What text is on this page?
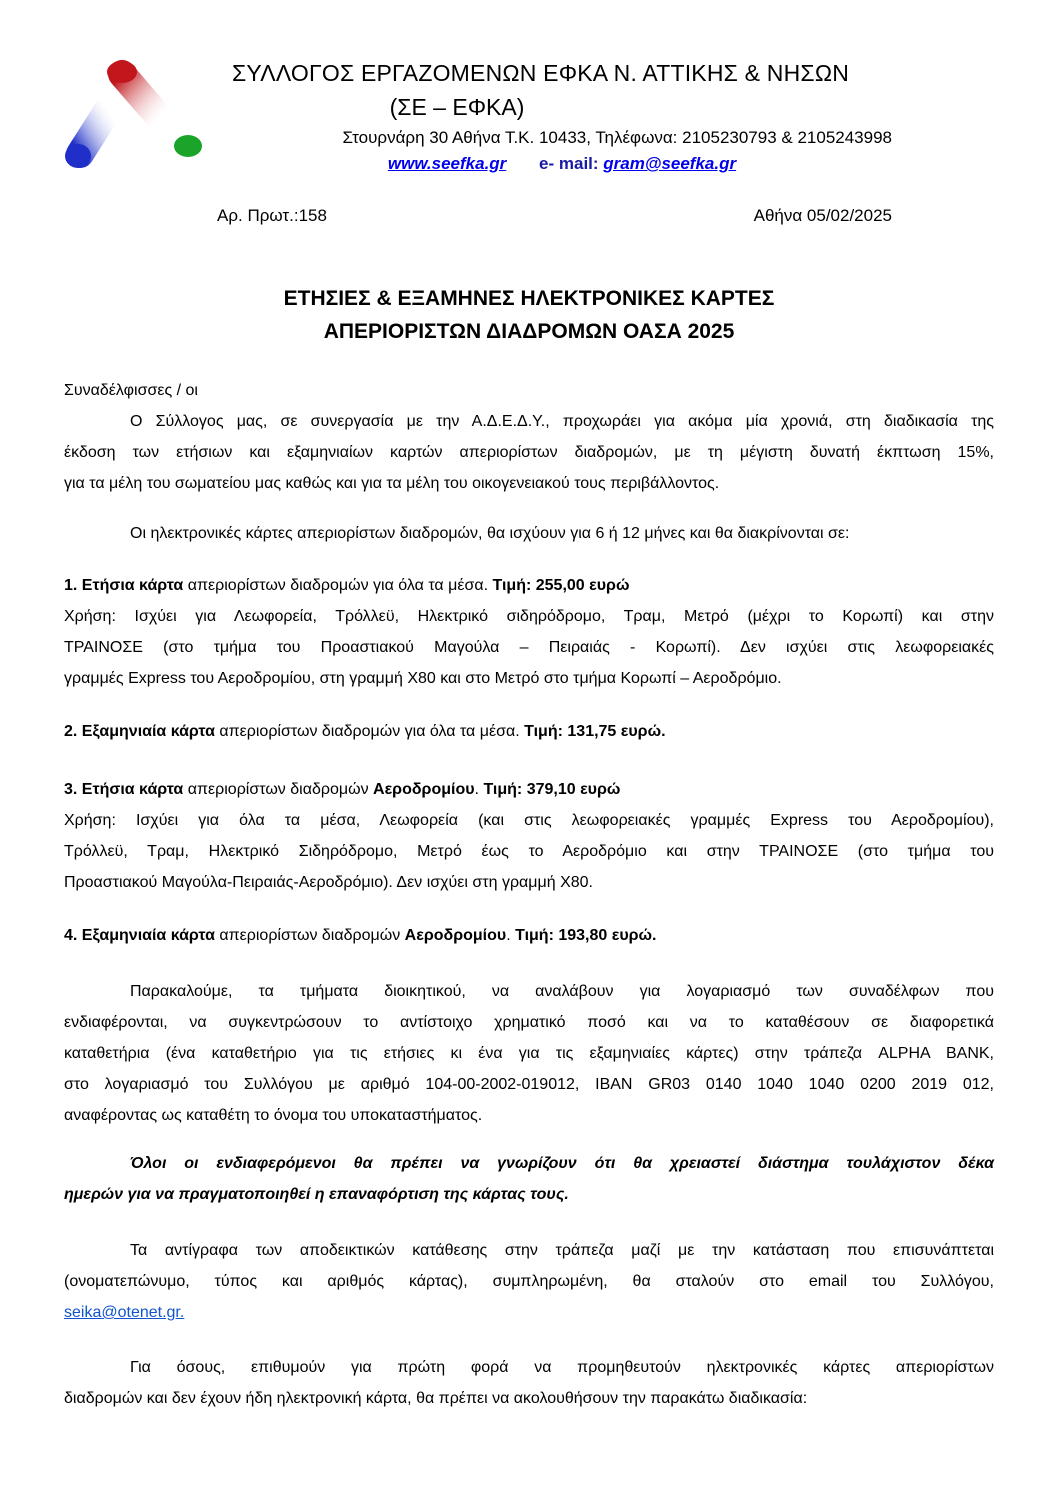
ΣΥΛΛΟΓΟΣ ΕΡΓΑΖΟΜΕΝΩΝ ΕΦΚΑ Ν. ΑΤΤΙΚΗΣ & ΝΗΣΩΝ
(ΣΕ – ΕΦΚΑ)
Στουρνάρη 30 Αθήνα Τ.Κ. 10433, Τηλέφωνα: 2105230793 & 2105243998
www.seefka.gr e- mail: gram@seefka.gr
Αρ. Πρωτ.:158	Αθήνα 05/02/2025
ΕΤΗΣΙΕΣ & ΕΞΑΜΗΝΕΣ ΗΛΕΚΤΡΟΝΙΚΕΣ ΚΑΡΤΕΣ
ΑΠΕΡΙΟΡΙΣΤΩΝ ΔΙΑΔΡΟΜΩΝ ΟΑΣΑ 2025
Συναδέλφισσες / οι
Ο Σύλλογος μας, σε συνεργασία με την Α.Δ.Ε.Δ.Υ., προχωράει για ακόμα μία χρονιά, στη διαδικασία της
έκδοση των ετήσιων και εξαμηνιαίων καρτών απεριορίστων διαδρομών, με τη μέγιστη δυνατή έκπτωση 15%,
για τα μέλη του σωματείου μας καθώς και για τα μέλη του οικογενειακού τους περιβάλλοντος.
Οι ηλεκτρονικές κάρτες απεριορίστων διαδρομών, θα ισχύουν για 6 ή 12 μήνες και θα διακρίνονται σε:
1. Ετήσια κάρτα απεριορίστων διαδρομών για όλα τα μέσα. Τιμή: 255,00 ευρώ
Χρήση: Ισχύει για Λεωφορεία, Τρόλλεϋ, Ηλεκτρικό σιδηρόδρομο, Τραμ, Μετρό (μέχρι το Κορωπί) και στην
ΤΡΑΙΝΟΣΕ (στο τμήμα του Προαστιακού Μαγούλα – Πειραιάς - Κορωπί). Δεν ισχύει στις λεωφορειακές
γραμμές Express του Αεροδρομίου, στη γραμμή Χ80 και στο Μετρό στο τμήμα Κορωπί – Αεροδρόμιο.
2. Εξαμηνιαία κάρτα απεριορίστων διαδρομών για όλα τα μέσα. Τιμή: 131,75 ευρώ.
3. Ετήσια κάρτα απεριορίστων διαδρομών Αεροδρομίου. Τιμή: 379,10 ευρώ
Χρήση: Ισχύει για όλα τα μέσα, Λεωφορεία (και στις λεωφορειακές γραμμές Express του Αεροδρομίου),
Τρόλλεϋ, Τραμ, Ηλεκτρικό Σιδηρόδρομο, Μετρό έως το Αεροδρόμιο και στην ΤΡΑΙΝΟΣΕ (στο τμήμα του
Προαστιακού Μαγούλα-Πειραιάς-Αεροδρόμιο). Δεν ισχύει στη γραμμή Χ80.
4. Εξαμηνιαία κάρτα απεριορίστων διαδρομών Αεροδρομίου. Τιμή: 193,80 ευρώ.
Παρακαλούμε, τα τμήματα διοικητικού, να αναλάβουν για λογαριασμό των συναδέλφων που
ενδιαφέρονται, να συγκεντρώσουν το αντίστοιχο χρηματικό ποσό και να το καταθέσουν σε διαφορετικά
καταθετήρια (ένα καταθετήριο για τις ετήσιες κι ένα για τις εξαμηνιαίες κάρτες) στην τράπεζα ALPHA BANK,
στο λογαριασμό του Συλλόγου με αριθμό 104-00-2002-019012, IBAN GR03 0140 1040 1040 0200 2019 012,
αναφέροντας ως καταθέτη το όνομα του υποκαταστήματος.
Όλοι οι ενδιαφερόμενοι θα πρέπει να γνωρίζουν ότι θα χρειαστεί διάστημα τουλάχιστον δέκα
ημερών για να πραγματοποιηθεί η επαναφόρτιση της κάρτας τους.
Τα αντίγραφα των αποδεικτικών κατάθεσης στην τράπεζα μαζί με την κατάσταση που επισυνάπτεται
(ονοματεπώνυμο, τύπος και αριθμός κάρτας), συμπληρωμένη, θα σταλούν στο email του Συλλόγου,
seika@otenet.gr.
Για όσους, επιθυμούν για πρώτη φορά να προμηθευτούν ηλεκτρονικές κάρτες απεριορίστων
διαδρομών και δεν έχουν ήδη ηλεκτρονική κάρτα, θα πρέπει να ακολουθήσουν την παρακάτω διαδικασία:
